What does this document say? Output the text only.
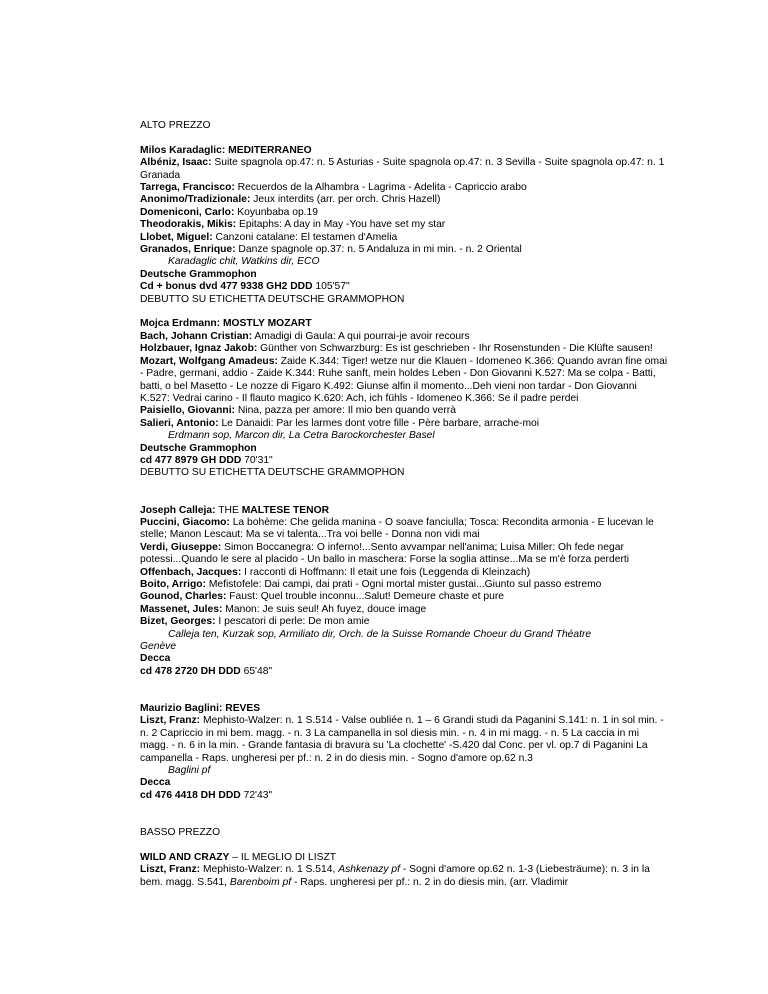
ALTO PREZZO

Milos Karadaglic: MEDITERRANEO
Albéniz, Isaac: Suite spagnola op.47: n. 5 Asturias - Suite spagnola op.47: n. 3 Sevilla - Suite spagnola op.47: n. 1 Granada
Tarrega, Francisco: Recuerdos de la Alhambra - Lagrima - Adelita - Capriccio arabo
Anonimo/Tradizionale: Jeux interdits (arr. per orch. Chris Hazell)
Domeniconi, Carlo: Koyunbaba op.19
Theodorakis, Mikis: Epitaphs: A day in May -You have set my star
Llobet, Miguel: Canzoni catalane: El testamen d'Amelia
Granados, Enrique: Danze spagnole op.37: n. 5 Andaluza in mi min. - n. 2 Oriental
Karadaglic chit, Watkins dir, ECO
Deutsche Grammophon
Cd + bonus dvd 477 9338 GH2 DDD 105'57"
DEBUTTO SU ETICHETTA DEUTSCHE GRAMMOPHON
Mojca Erdmann: MOSTLY MOZART
Bach, Johann Cristian: Amadigi di Gaula: A qui pourrai-je avoir recours
Holzbauer, Ignaz Jakob: Günther von Schwarzburg: Es ist geschrieben - Ihr Rosenstunden - Die Klüfte sausen!
Mozart, Wolfgang Amadeus: Zaide K.344: Tiger! wetze nur die Klauen - Idomeneo K.366: Quando avran fine omai - Padre, germani, addio - Zaide K.344: Ruhe sanft, mein holdes Leben - Don Giovanni K.527: Ma se colpa - Batti, batti, o bel Masetto - Le nozze di Figaro K.492: Giunse alfin il momento...Deh vieni non tardar - Don Giovanni K.527: Vedrai carino - Il flauto magico K.620: Ach, ich fühls - Idomeneo K.366: Se il padre perdei
Paisiello, Giovanni: Nina, pazza per amore: Il mio ben quando verrà
Salieri, Antonio: Le Danaidi: Par les larmes dont votre fille - Père barbare, arrache-moi
Erdmann sop, Marcon dir, La Cetra Barockorchester Basel
Deutsche Grammophon
cd 477 8979 GH DDD 70'31"
DEBUTTO SU ETICHETTA DEUTSCHE GRAMMOPHON
Joseph Calleja: THE MALTESE TENOR
Puccini, Giacomo: La bohème: Che gelida manina - O soave fanciulla; Tosca: Recondita armonia - E lucevan le stelle; Manon Lescaut: Ma se vi talenta...Tra voi belle - Donna non vidi mai
Verdi, Giuseppe: Simon Boccanegra: O inferno!...Sento avvampar nell'anima; Luisa Miller: Oh fede negar potessi...Quando le sere al placido - Un ballo in maschera: Forse la soglia attinse...Ma se m'è forza perderti
Offenbach, Jacques: I racconti di Hoffmann: Il etait une fois (Leggenda di Kleinzach)
Boito, Arrigo: Mefistofele: Dai campi, dai prati - Ogni mortal mister gustai...Giunto sul passo estremo
Gounod, Charles: Faust: Quel trouble inconnu...Salut! Demeure chaste et pure
Massenet, Jules: Manon: Je suis seul! Ah fuyez, douce image
Bizet, Georges: I pescatori di perle: De mon amie
Calleja ten, Kurzak sop, Armiliato dir, Orch. de la Suisse Romande Choeur du Grand Théatre
Genève
Decca
cd 478 2720 DH DDD 65'48"
Maurizio Baglini: REVES
Liszt, Franz: Mephisto-Walzer: n. 1 S.514 - Valse oubliée n. 1 – 6 Grandi studi da Paganini S.141: n. 1 in sol min. - n. 2 Capriccio in mi bem. magg. - n. 3 La campanella in sol diesis min. - n. 4 in mi magg. - n. 5 La caccia in mi magg. - n. 6 in la min. - Grande fantasia di bravura su 'La clochette' -S.420 dal Conc. per vl. op.7 di Paganini La campanella - Raps. ungheresi per pf.: n. 2 in do diesis min. - Sogno d'amore op.62 n.3
Baglini pf
Decca
cd 476 4418 DH DDD 72'43"

BASSO PREZZO

WILD AND CRAZY – IL MEGLIO DI LISZT
Liszt, Franz: Mephisto-Walzer: n. 1 S.514, Ashkenazy pf - Sogni d'amore op.62 n. 1-3 (Liebesträume): n. 3 in la bem. magg. S.541, Barenboim pf - Raps. ungheresi per pf.: n. 2 in do diesis min. (arr. Vladimir
